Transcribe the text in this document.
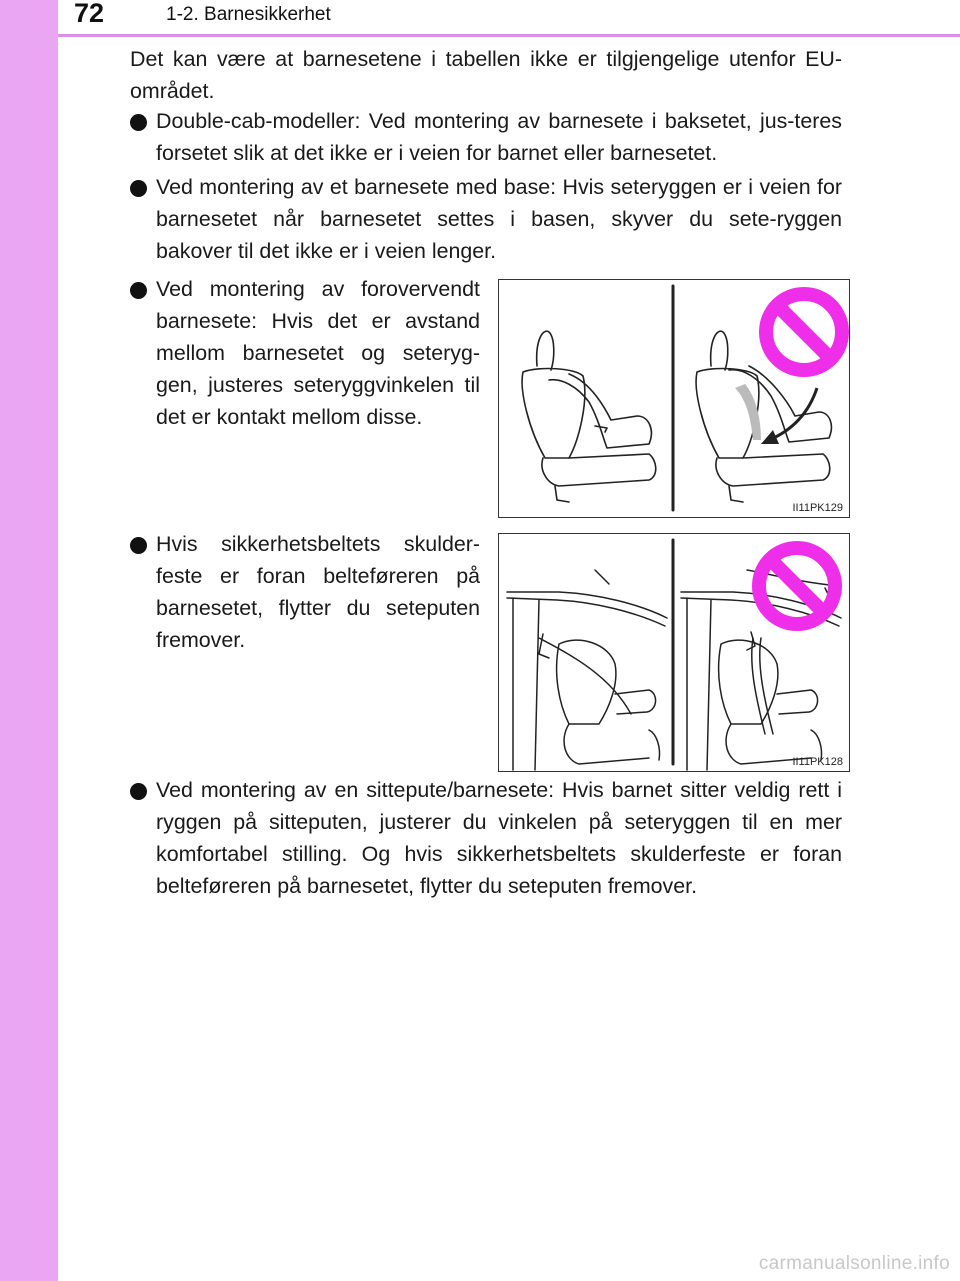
72	1-2. Barnesikkerhet
Det kan være at barnesetene i tabellen ikke er tilgjengelige utenfor EU-området.
Double-cab-modeller: Ved montering av barnesete i baksetet, jus-teres forsetet slik at det ikke er i veien for barnet eller barnesetet.
Ved montering av et barnesete med base: Hvis seteryggen er i veien for barnesetet når barnesetet settes i basen, skyver du sete-ryggen bakover til det ikke er i veien lenger.
Ved montering av forovervendt barnesete: Hvis det er avstand mellom barnesetet og seteryg-gen, justeres seteryggvinkelen til det er kontakt mellom disse.
II11PK129
Hvis sikkerhetsbeltets skulder-feste er foran belteføreren på barnesetet, flytter du seteputen fremover.
II11PK128
Ved montering av en sittepute/barnesete: Hvis barnet sitter veldig rett i ryggen på sitteputen, justerer du vinkelen på seteryggen til en mer komfortabel stilling. Og hvis sikkerhetsbeltets skulderfeste er foran belteføreren på barnesetet, flytter du seteputen fremover.
carmanualsonline.info
